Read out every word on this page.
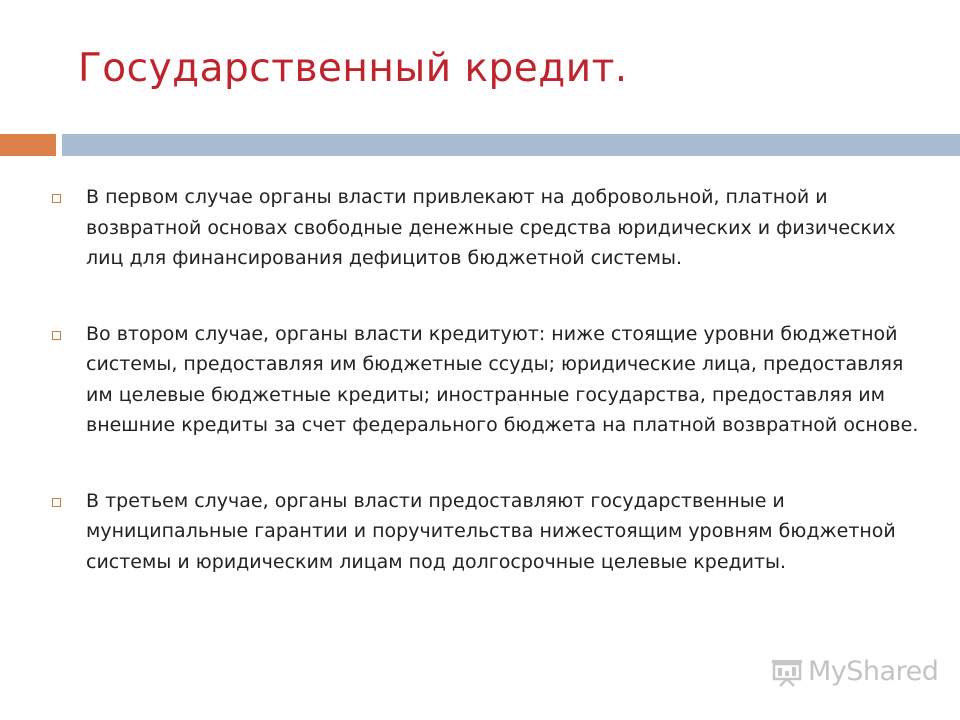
Государственный кредит.
В первом случае органы власти привлекают на добровольной, платной и возвратной основах свободные денежные средства юридических и физических лиц для финансирования дефицитов бюджетной системы.
Во втором случае, органы власти кредитуют: ниже стоящие уровни бюджетной системы, предоставляя им бюджетные ссуды; юридические лица, предоставляя им целевые бюджетные кредиты; иностранные государства, предоставляя им внешние кредиты за счет федерального бюджета на платной возвратной основе.
В третьем случае, органы власти предоставляют государственные и муниципальные гарантии и поручительства нижестоящим уровням бюджетной системы и юридическим лицам под долгосрочные целевые кредиты.
MyShared
